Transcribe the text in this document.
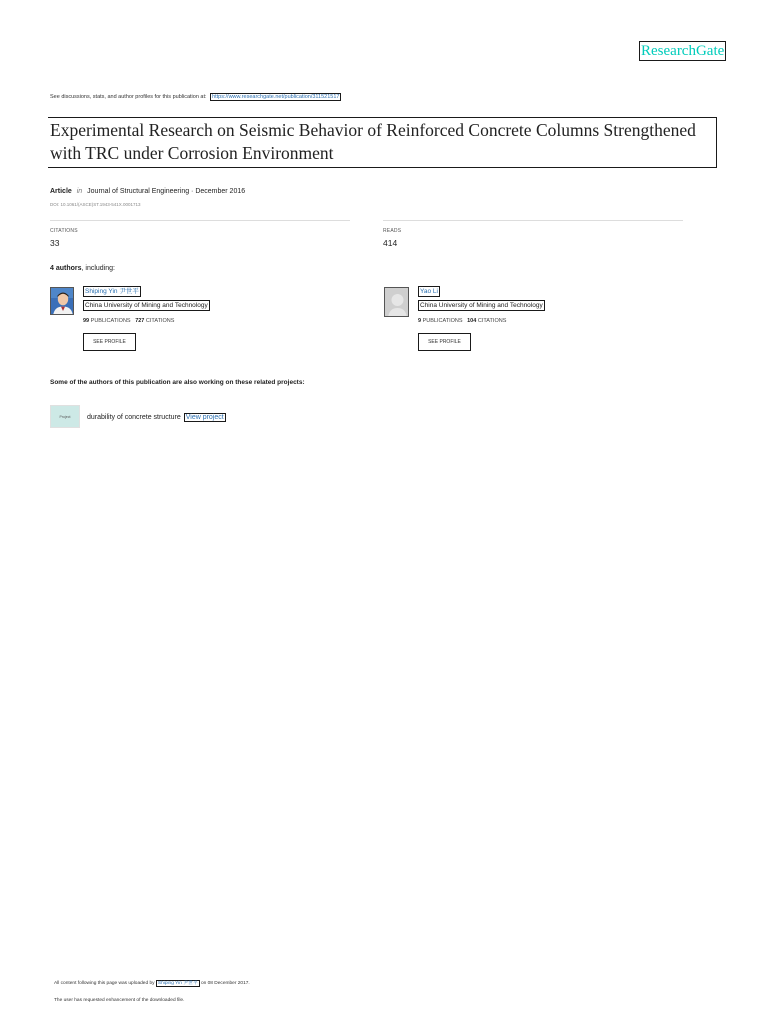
ResearchGate
See discussions, stats, and author profiles for this publication at: https://www.researchgate.net/publication/311521517
Experimental Research on Seismic Behavior of Reinforced Concrete Columns Strengthened with TRC under Corrosion Environment
Article in Journal of Structural Engineering · December 2016
DOI: 10.1061/(ASCE)ST.1943-541X.0001713
CITATIONS
33
READS
414
4 authors, including:
Shiping Yin 尹世平
China University of Mining and Technology
99 PUBLICATIONS 727 CITATIONS
SEE PROFILE
Yao Li
China University of Mining and Technology
9 PUBLICATIONS 104 CITATIONS
SEE PROFILE
Some of the authors of this publication are also working on these related projects:
Project	durability of concrete structure View project
All content following this page was uploaded by Shiping Yin 尹世平 on 08 December 2017.
The user has requested enhancement of the downloaded file.
